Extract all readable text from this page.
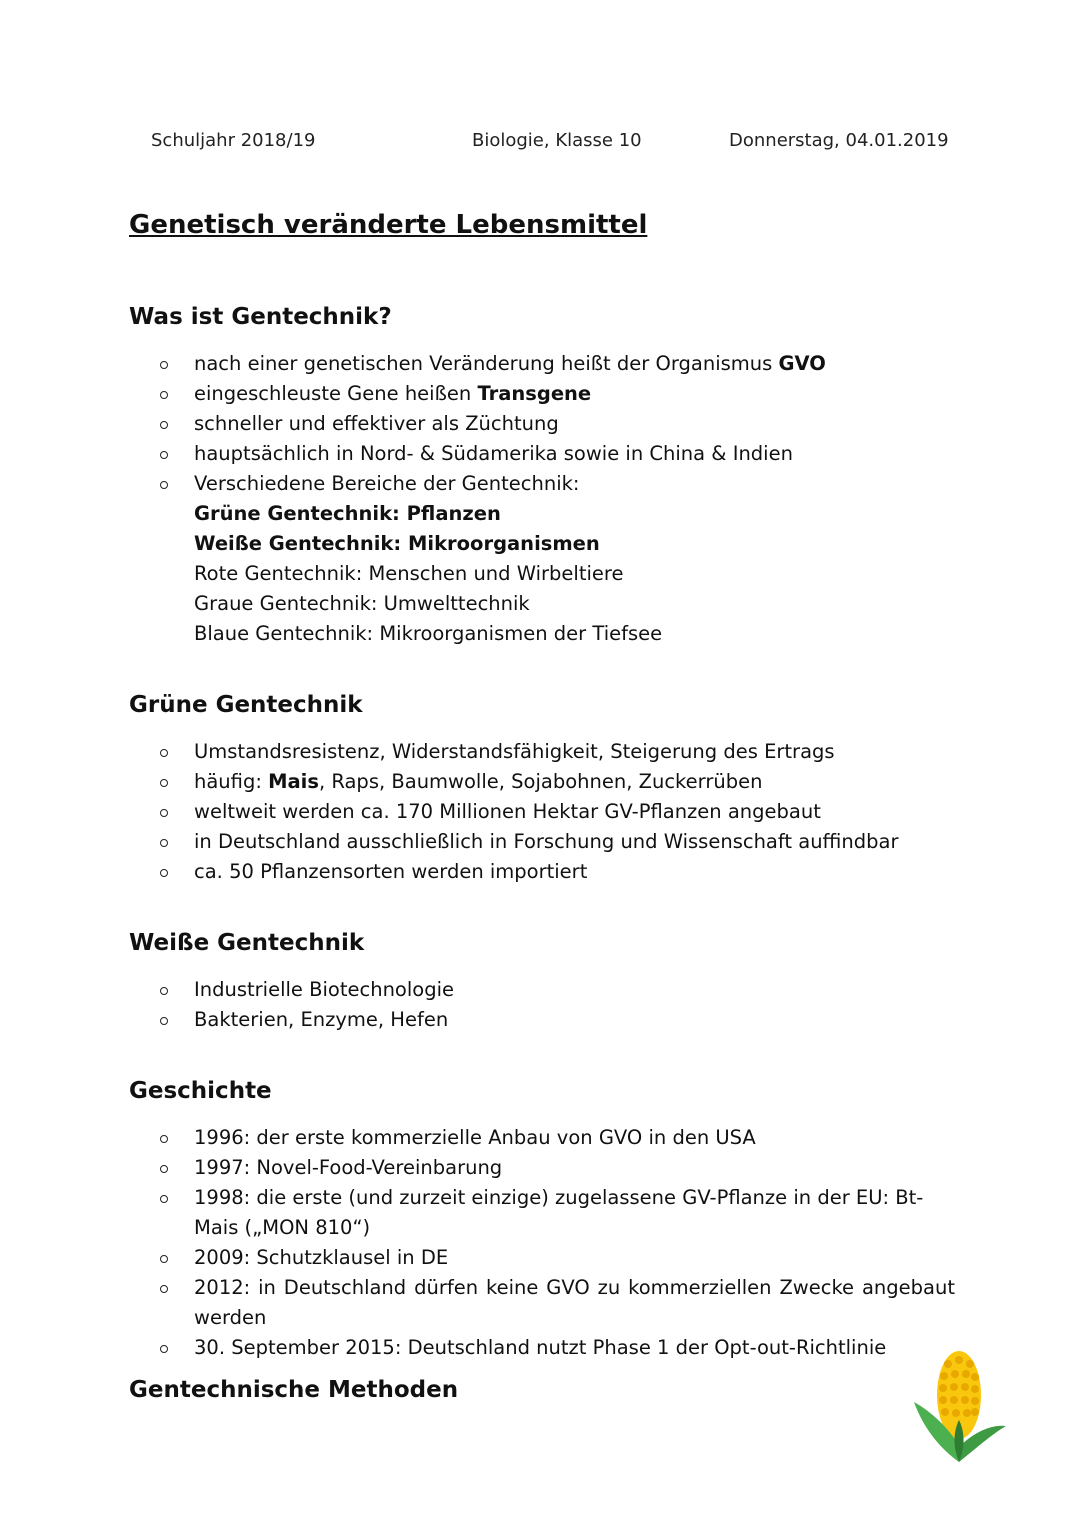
Schuljahr 2018/19	Biologie, Klasse 10	Donnerstag, 04.01.2019
Genetisch veränderte Lebensmittel
Was ist Gentechnik?
nach einer genetischen Veränderung heißt der Organismus GVO
eingeschleuste Gene heißen Transgene
schneller und effektiver als Züchtung
hauptsächlich in Nord- & Südamerika sowie in China & Indien
Verschiedene Bereiche der Gentechnik:
Grüne Gentechnik: Pflanzen
Weiße Gentechnik: Mikroorganismen
Rote Gentechnik: Menschen und Wirbeltiere
Graue Gentechnik: Umwelttechnik
Blaue Gentechnik: Mikroorganismen der Tiefsee
Grüne Gentechnik
Umstandsresistenz, Widerstandsfähigkeit, Steigerung des Ertrags
häufig: Mais, Raps, Baumwolle, Sojabohnen, Zuckerrüben
weltweit werden ca. 170 Millionen Hektar GV-Pflanzen angebaut
in Deutschland ausschließlich in Forschung und Wissenschaft auffindbar
ca. 50 Pflanzensorten werden importiert
Weiße Gentechnik
Industrielle Biotechnologie
Bakterien, Enzyme, Hefen
Geschichte
1996: der erste kommerzielle Anbau von GVO in den USA
1997: Novel-Food-Vereinbarung
1998: die erste (und zurzeit einzige) zugelassene GV-Pflanze in der EU: Bt-Mais („MON 810“)
2009: Schutzklausel in DE
2012: in Deutschland dürfen keine GVO zu kommerziellen Zwecke angebaut werden
30. September 2015: Deutschland nutzt Phase 1 der Opt-out-Richtlinie
Gentechnische Methoden
